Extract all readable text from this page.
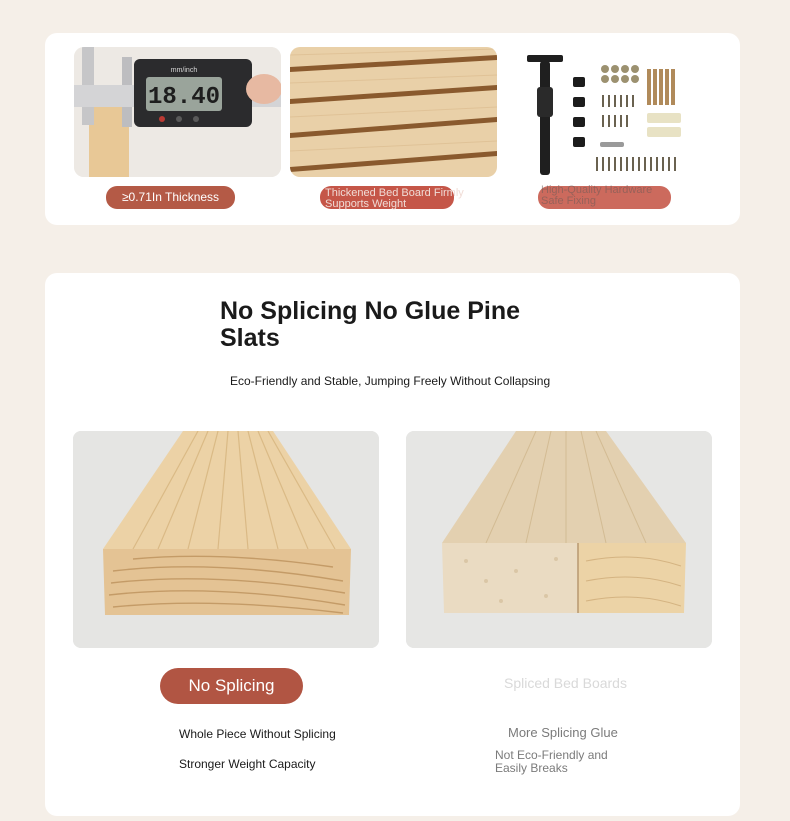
18.40
mm/inch
≥0.71In Thickness	Thickened Bed Board Firmly Supports Weight
High-Quality Hardware Safe Fixing
No Splicing No Glue Pine Slats
Eco-Friendly and Stable, Jumping Freely Without Collapsing
No Splicing	Spliced Bed Boards
Whole Piece Without Splicing
Stronger Weight Capacity
More Splicing Glue
Not Eco-Friendly and Easily Breaks
